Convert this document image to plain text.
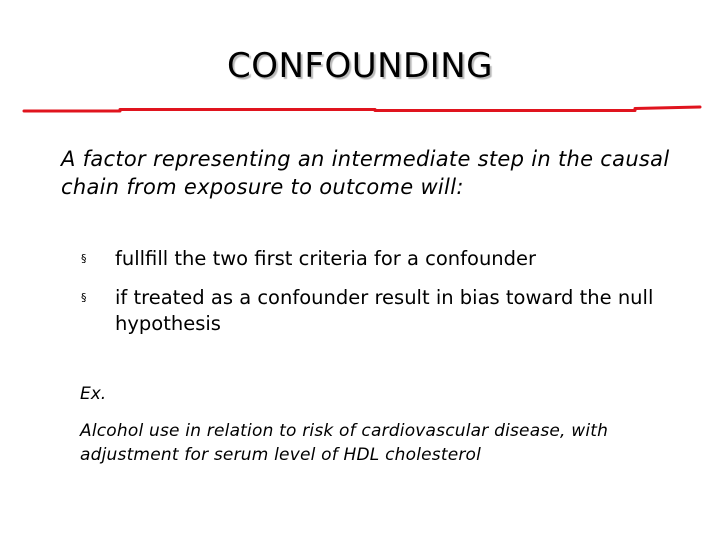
CONFOUNDING
A factor representing an intermediate step in the causal chain from exposure to outcome will:
§ fullfill the two first criteria for a confounder
§ if treated as a confounder result in bias toward the null hypothesis
Ex.
Alcohol use in relation to risk of cardiovascular disease, with adjustment for serum level of HDL cholesterol
